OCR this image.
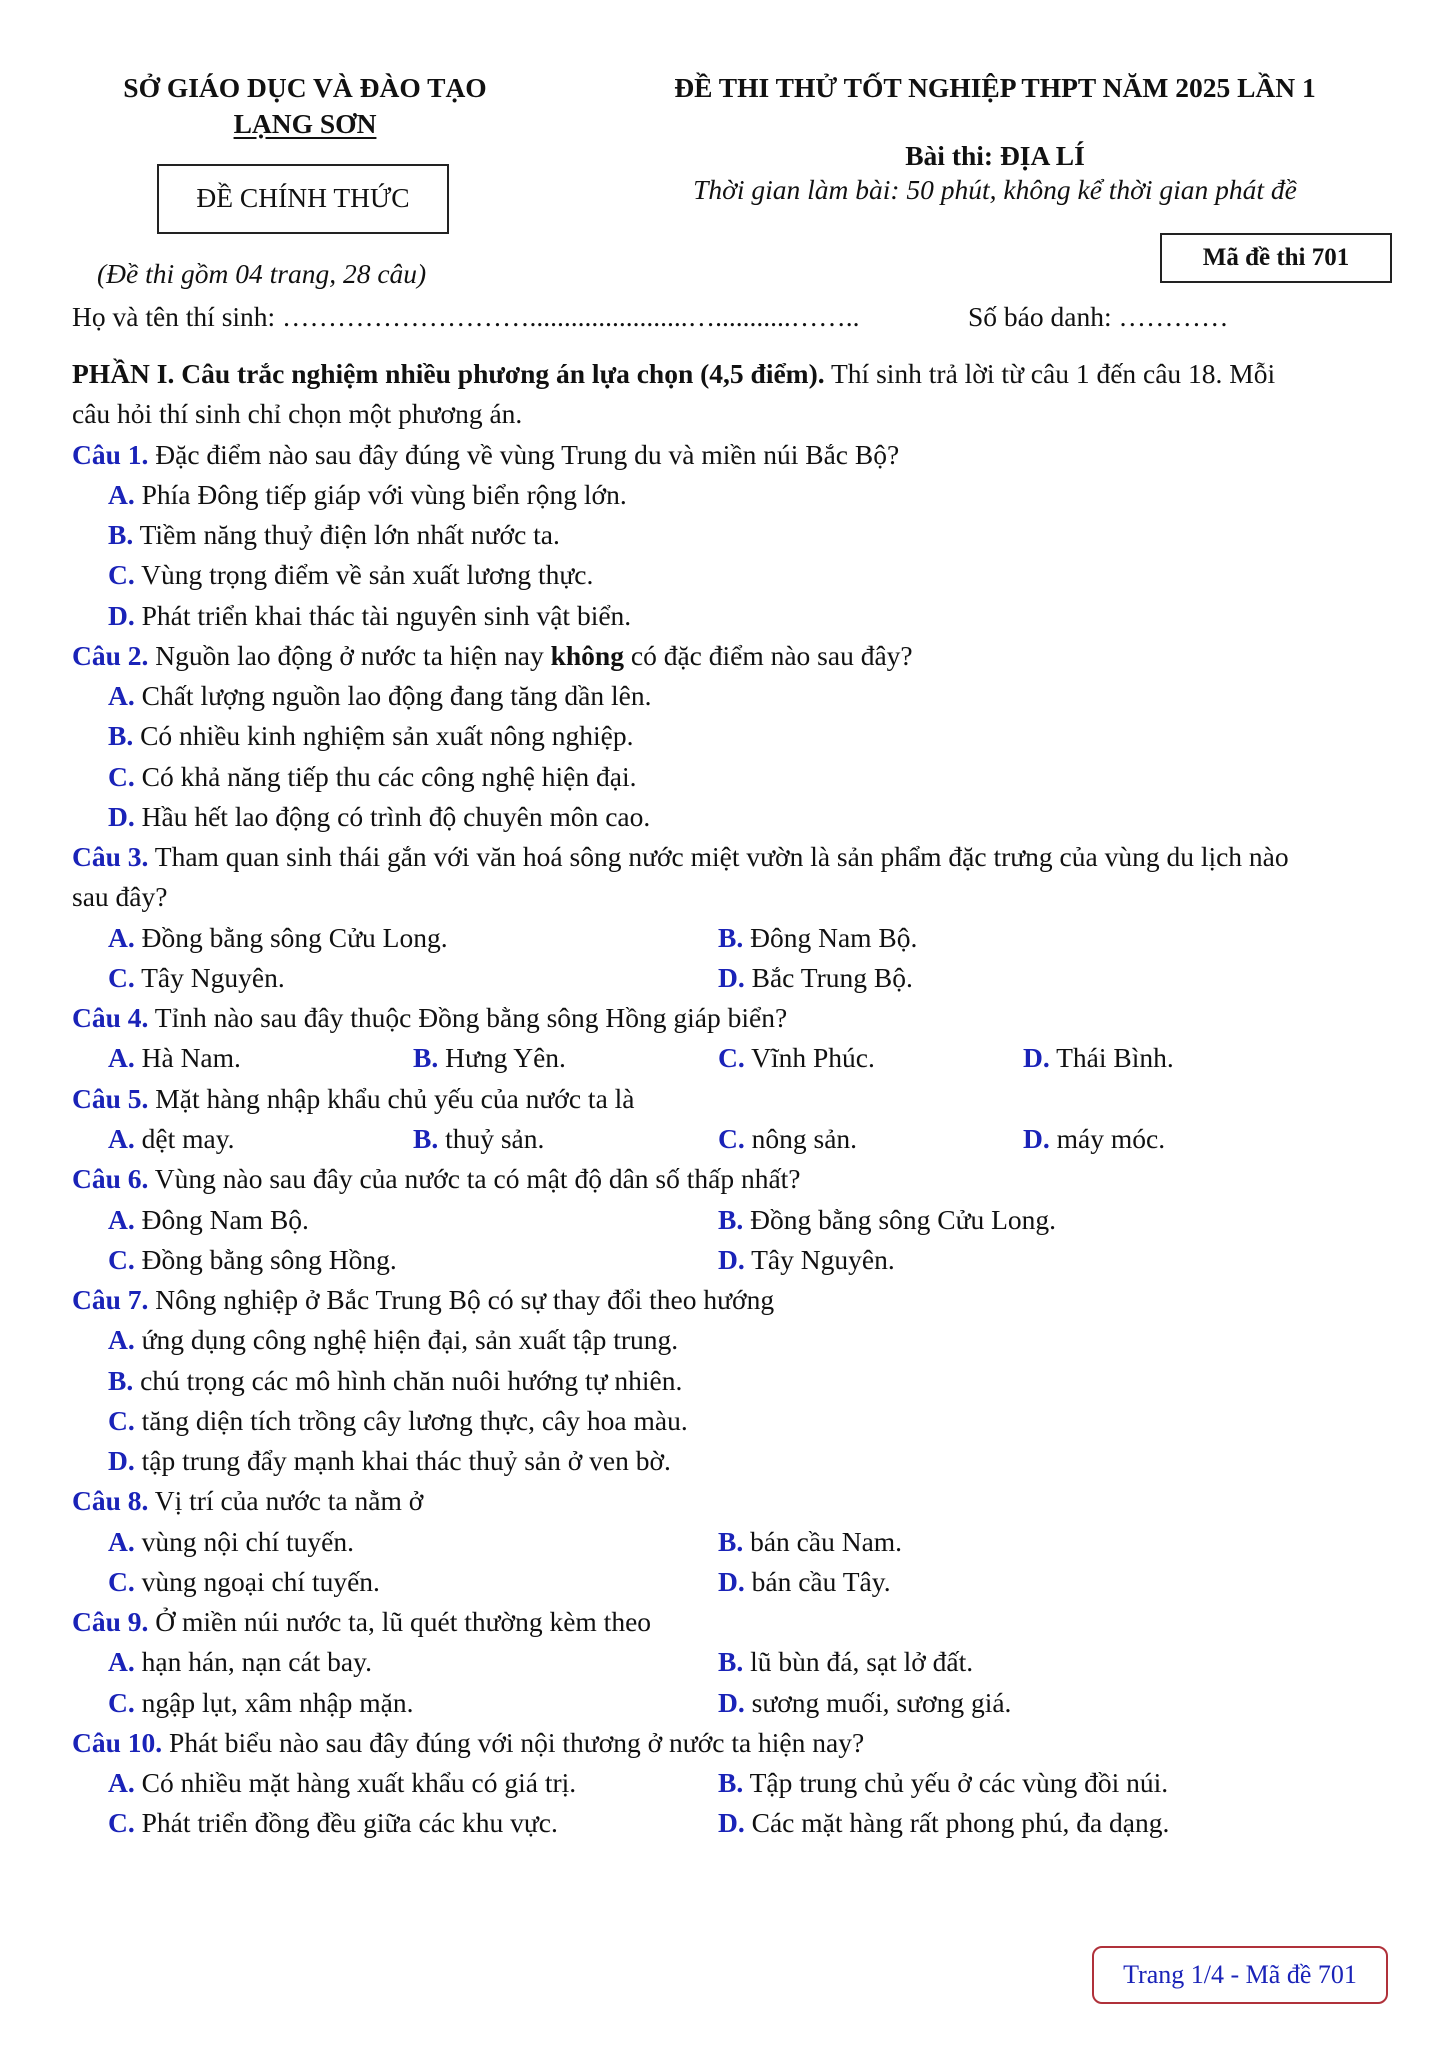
SỞ GIÁO DỤC VÀ ĐÀO TẠO
LẠNG SƠN
ĐỀ CHÍNH THỨC
(Đề thi gồm 04 trang, 28 câu)
ĐỀ THI THỬ TỐT NGHIỆP THPT NĂM 2025 LẦN 1
Bài thi: ĐỊA LÍ
Thời gian làm bài: 50 phút, không kể thời gian phát đề
Mã đề thi 701
Họ và tên thí sinh: ……………………….......................…...........……..	Số báo danh: …………
PHẦN I. Câu trắc nghiệm nhiều phương án lựa chọn (4,5 điểm). Thí sinh trả lời từ câu 1 đến câu 18. Mỗi
câu hỏi thí sinh chỉ chọn một phương án.
Câu 1. Đặc điểm nào sau đây đúng về vùng Trung du và miền núi Bắc Bộ?
A. Phía Đông tiếp giáp với vùng biển rộng lớn.
B. Tiềm năng thuỷ điện lớn nhất nước ta.
C. Vùng trọng điểm về sản xuất lương thực.
D. Phát triển khai thác tài nguyên sinh vật biển.
Câu 2. Nguồn lao động ở nước ta hiện nay không có đặc điểm nào sau đây?
A. Chất lượng nguồn lao động đang tăng dần lên.
B. Có nhiều kinh nghiệm sản xuất nông nghiệp.
C. Có khả năng tiếp thu các công nghệ hiện đại.
D. Hầu hết lao động có trình độ chuyên môn cao.
Câu 3. Tham quan sinh thái gắn với văn hoá sông nước miệt vườn là sản phẩm đặc trưng của vùng du lịch nào
sau đây?
A. Đồng bằng sông Cửu Long.	B. Đông Nam Bộ.
C. Tây Nguyên.	D. Bắc Trung Bộ.
Câu 4. Tỉnh nào sau đây thuộc Đồng bằng sông Hồng giáp biển?
A. Hà Nam.	B. Hưng Yên.	C. Vĩnh Phúc.	D. Thái Bình.
Câu 5. Mặt hàng nhập khẩu chủ yếu của nước ta là
A. dệt may.	B. thuỷ sản.	C. nông sản.	D. máy móc.
Câu 6. Vùng nào sau đây của nước ta có mật độ dân số thấp nhất?
A. Đông Nam Bộ.	B. Đồng bằng sông Cửu Long.
C. Đồng bằng sông Hồng.	D. Tây Nguyên.
Câu 7. Nông nghiệp ở Bắc Trung Bộ có sự thay đổi theo hướng
A. ứng dụng công nghệ hiện đại, sản xuất tập trung.
B. chú trọng các mô hình chăn nuôi hướng tự nhiên.
C. tăng diện tích trồng cây lương thực, cây hoa màu.
D. tập trung đẩy mạnh khai thác thuỷ sản ở ven bờ.
Câu 8. Vị trí của nước ta nằm ở
A. vùng nội chí tuyến.	B. bán cầu Nam.
C. vùng ngoại chí tuyến.	D. bán cầu Tây.
Câu 9. Ở miền núi nước ta, lũ quét thường kèm theo
A. hạn hán, nạn cát bay.	B. lũ bùn đá, sạt lở đất.
C. ngập lụt, xâm nhập mặn.	D. sương muối, sương giá.
Câu 10. Phát biểu nào sau đây đúng với nội thương ở nước ta hiện nay?
A. Có nhiều mặt hàng xuất khẩu có giá trị.	B. Tập trung chủ yếu ở các vùng đồi núi.
C. Phát triển đồng đều giữa các khu vực.	D. Các mặt hàng rất phong phú, đa dạng.
Trang 1/4 - Mã đề 701
